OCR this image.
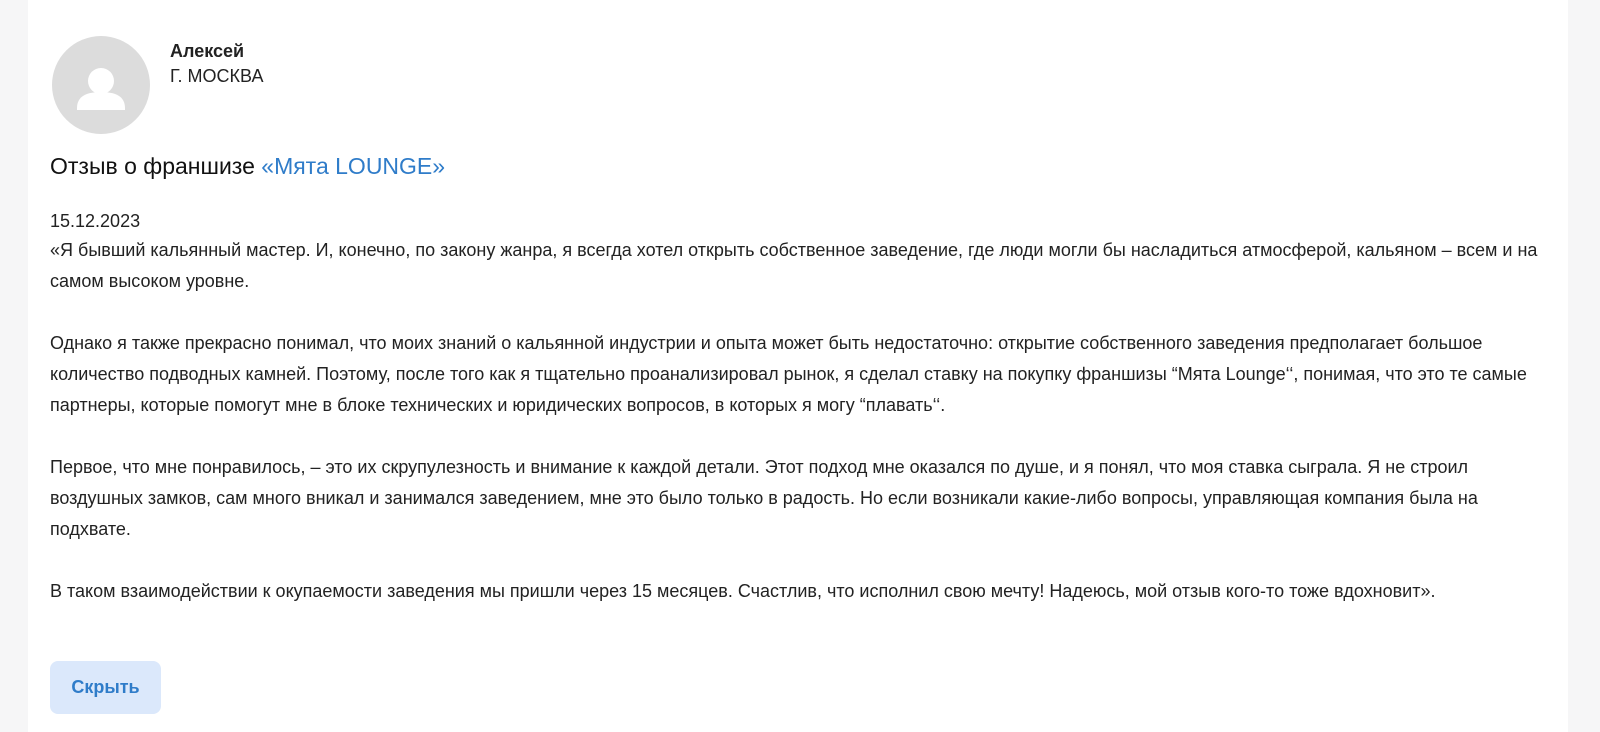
Алексей
Г. МОСКВА
Отзыв о франшизе «Мята LOUNGE»
15.12.2023

«Я бывший кальянный мастер. И, конечно, по закону жанра, я всегда хотел открыть собственное заведение, где люди могли бы насладиться атмосферой, кальяном – всем и на самом высоком уровне.

Однако я также прекрасно понимал, что моих знаний о кальянной индустрии и опыта может быть недостаточно: открытие собственного заведения предполагает большое количество подводных камней. Поэтому, после того как я тщательно проанализировал рынок, я сделал ставку на покупку франшизы “Мята Lounge‘‘, понимая, что это те самые партнеры, которые помогут мне в блоке технических и юридических вопросов, в которых я могу “плавать‘‘.

Первое, что мне понравилось, – это их скрупулезность и внимание к каждой детали. Этот подход мне оказался по душе, и я понял, что моя ставка сыграла. Я не строил воздушных замков, сам много вникал и занимался заведением, мне это было только в радость. Но если возникали какие-либо вопросы, управляющая компания была на подхвате.

В таком взаимодействии к окупаемости заведения мы пришли через 15 месяцев. Счастлив, что исполнил свою мечту! Надеюсь, мой отзыв кого-то тоже вдохновит».

Скрыть
